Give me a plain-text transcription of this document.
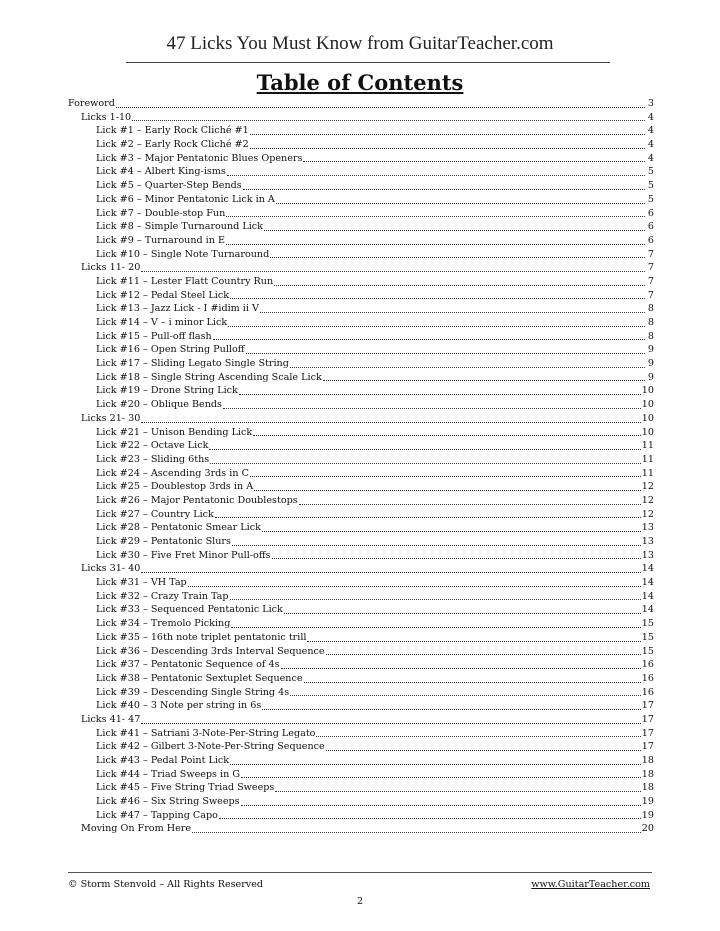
47 Licks You Must Know from GuitarTeacher.com
Table of Contents
Foreword	3
Licks 1-10	4
Lick #1 – Early Rock Cliché #1	4
Lick #2 – Early Rock Cliché #2	4
Lick #3 – Major Pentatonic Blues Openers	4
Lick #4 – Albert King-isms	5
Lick #5 – Quarter-Step Bends	5
Lick #6 – Minor Pentatonic Lick in A	5
Lick #7 – Double-stop Fun	6
Lick #8 – Simple Turnaround Lick	6
Lick #9 – Turnaround in E	6
Lick #10 – Single Note Turnaround	7
Licks 11- 20	7
Lick #11 – Lester Flatt Country Run	7
Lick #12 – Pedal Steel Lick	7
Lick #13 – Jazz Lick - I #idim ii V	8
Lick #14 – V – i minor Lick	8
Lick #15 – Pull-off flash	8
Lick #16 – Open String Pulloff	9
Lick #17 – Sliding Legato Single String	9
Lick #18 – Single String Ascending Scale Lick	9
Lick #19 – Drone String Lick	10
Lick #20 – Oblique Bends	10
Licks 21- 30	10
Lick #21 – Unison Bending Lick	10
Lick #22 – Octave Lick	11
Lick #23 – Sliding 6ths	11
Lick #24 – Ascending 3rds in C	11
Lick #25 – Doublestop 3rds in A	12
Lick #26 – Major Pentatonic Doublestops	12
Lick #27 – Country Lick	12
Lick #28 – Pentatonic Smear Lick	13
Lick #29 – Pentatonic Slurs	13
Lick #30 – Five Fret Minor Pull-offs	13
Licks 31- 40	14
Lick #31 – VH Tap	14
Lick #32 – Crazy Train Tap	14
Lick #33 – Sequenced Pentatonic Lick	14
Lick #34 – Tremolo Picking	15
Lick #35 – 16th note triplet pentatonic trill	15
Lick #36 – Descending 3rds Interval Sequence	15
Lick #37 – Pentatonic Sequence of 4s	16
Lick #38 – Pentatonic Sextuplet Sequence	16
Lick #39 – Descending Single String 4s	16
Lick #40 – 3 Note per string in 6s	17
Licks 41- 47	17
Lick #41 – Satriani 3-Note-Per-String Legato	17
Lick #42 – Gilbert 3-Note-Per-String Sequence	17
Lick #43 – Pedal Point Lick	18
Lick #44 – Triad Sweeps in G	18
Lick #45 – Five String Triad Sweeps	18
Lick #46 – Six String Sweeps	19
Lick #47 – Tapping Capo	19
Moving On From Here	20
© Storm Stenvold – All Rights Reserved	www.GuitarTeacher.com
2
